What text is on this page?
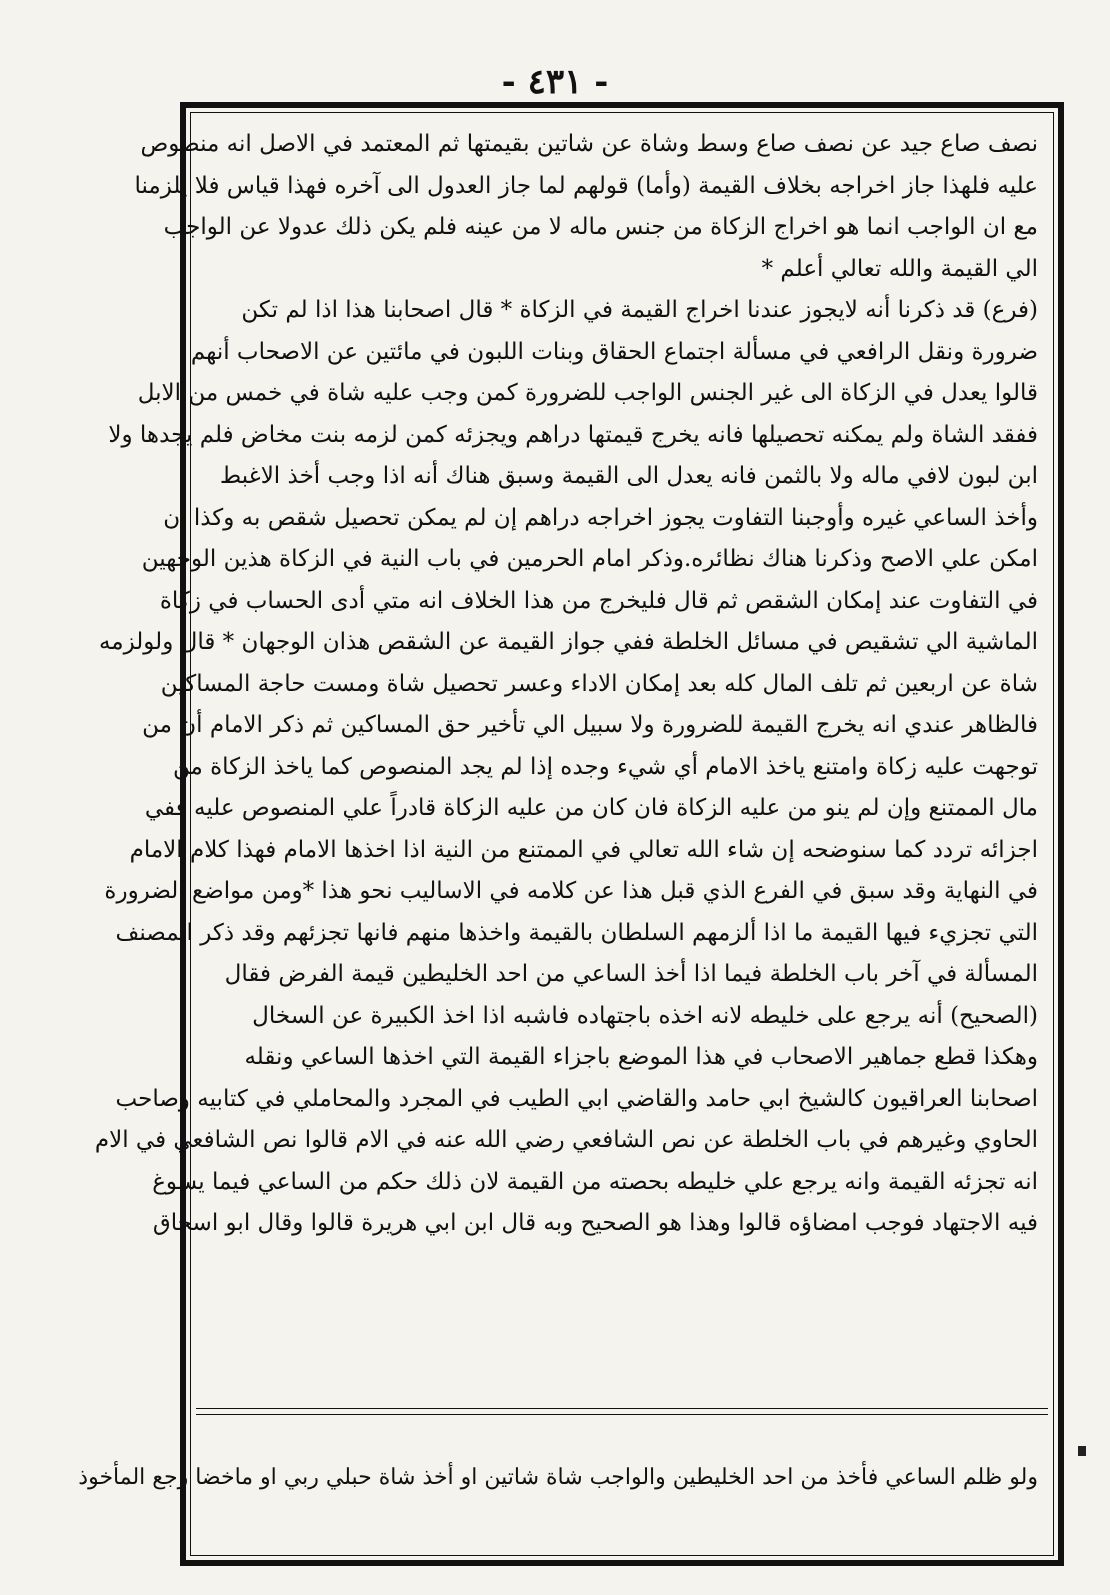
- ٤٣١ -
نصف صاع جيد عن نصف صاع وسط وشاة عن شاتين بقيمتها ثم المعتمد في الاصل انه منصوص
عليه فلهذا جاز اخراجه بخلاف القيمة (وأما) قولهم لما جاز العدول الى آخره فهذا قياس فلا يلزمنا
مع ان الواجب انما هو اخراج الزكاة من جنس ماله لا من عينه فلم يكن ذلك عدولا عن الواجب
الي القيمة والله تعالي أعلم *
(فرع) قد ذكرنا أنه لايجوز عندنا اخراج القيمة في الزكاة * قال اصحابنا هذا اذا لم تكن
ضرورة ونقل الرافعي في مسألة اجتماع الحقاق وبنات اللبون في مائتين عن الاصحاب أنهم
قالوا يعدل في الزكاة الى غير الجنس الواجب للضرورة كمن وجب عليه شاة في خمس من الابل
ففقد الشاة ولم يمكنه تحصيلها فانه يخرج قيمتها دراهم ويجزئه كمن لزمه بنت مخاض فلم يجدها ولا
ابن لبون لافي ماله ولا بالثمن فانه يعدل الى القيمة وسبق هناك أنه اذا وجب أخذ الاغبط
وأخذ الساعي غيره وأوجبنا التفاوت يجوز اخراجه دراهم إن لم يمكن تحصيل شقص به وكذا إن
امكن علي الاصح وذكرنا هناك نظائره.وذكر امام الحرمين في باب النية في الزكاة هذين الوجهين
في التفاوت عند إمكان الشقص ثم قال فليخرج من هذا الخلاف انه متي أدى الحساب في زكاة
الماشية الي تشقيص في مسائل الخلطة ففي جواز القيمة عن الشقص هذان الوجهان * قال ولولزمه
شاة عن اربعين ثم تلف المال كله بعد إمكان الاداء وعسر تحصيل شاة ومست حاجة المساكين
فالظاهر عندي انه يخرج القيمة للضرورة ولا سبيل الي تأخير حق المساكين ثم ذكر الامام أن من
توجهت عليه زكاة وامتنع ياخذ الامام أي شيء وجده إذا لم يجد المنصوص كما ياخذ الزكاة من
مال الممتنع وإن لم ينو من عليه الزكاة فان كان من عليه الزكاة قادراً علي المنصوص عليه ففي
اجزائه تردد كما سنوضحه إن شاء الله تعالي في الممتنع من النية اذا اخذها الامام فهذا كلام الامام
في النهاية وقد سبق في الفرع الذي قبل هذا عن كلامه في الاساليب نحو هذا *ومن مواضع الضرورة
التي تجزيء فيها القيمة ما اذا ألزمهم السلطان بالقيمة واخذها منهم فانها تجزئهم وقد ذكر المصنف
المسألة في آخر باب الخلطة فيما اذا أخذ الساعي من احد الخليطين قيمة الفرض فقال
(الصحيح) أنه يرجع على خليطه لانه اخذه باجتهاده فاشبه اذا اخذ الكبيرة عن السخال
وهكذا قطع جماهير الاصحاب في هذا الموضع باجزاء القيمة التي اخذها الساعي ونقله
اصحابنا العراقيون كالشيخ ابي حامد والقاضي ابي الطيب في المجرد والمحاملي في كتابيه وصاحب
الحاوي وغيرهم في باب الخلطة عن نص الشافعي رضي الله عنه في الام قالوا نص الشافعي في الام
انه تجزئه القيمة وانه يرجع علي خليطه بحصته من القيمة لان ذلك حكم من الساعي فيما يسوغ
فيه الاجتهاد فوجب امضاؤه قالوا وهذا هو الصحيح وبه قال ابن ابي هريرة قالوا وقال ابو اسحاق
ولو ظلم الساعي فأخذ من احد الخليطين والواجب شاة شاتين او أخذ شاة حبلي ربي او ماخضا رجع المأخوذ
